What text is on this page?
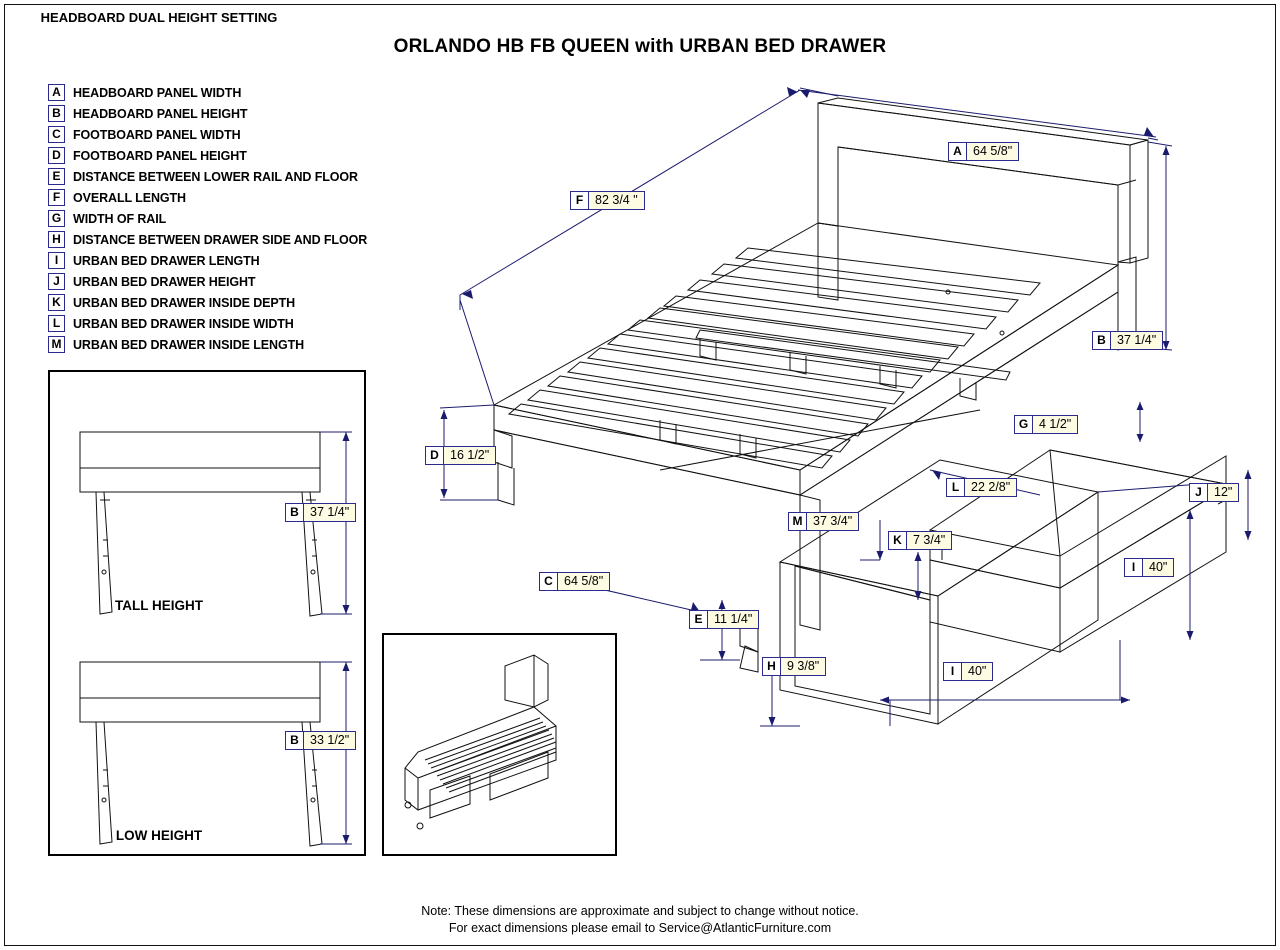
ORLANDO HB FB QUEEN with URBAN BED DRAWER
A HEADBOARD PANEL WIDTH
B HEADBOARD PANEL HEIGHT
C FOOTBOARD PANEL WIDTH
D FOOTBOARD PANEL HEIGHT
E	DISTANCE BETWEEN LOWER RAIL AND FLOOR
F	OVERALL LENGTH
G WIDTH OF RAIL
H DISTANCE BETWEEN DRAWER SIDE AND FLOOR
I	URBAN BED DRAWER LENGTH
J	URBAN BED DRAWER HEIGHT
K URBAN BED DRAWER INSIDE DEPTH
L	URBAN BED DRAWER INSIDE WIDTH
M URBAN BED DRAWER INSIDE LENGTH
HEADBOARD DUAL HEIGHT SETTING
TALL HEIGHT
LOW HEIGHT
A 64 5/8"
F 82 3/4 "
B 37 1/4"
G 4 1/2"
D 16 1/2"
L 22 2/8"	J 12"
M 37 3/4"
K 7 3/4"
C 64 5/8"
I	40"
E 11 1/4"
H 9 3/8"	I	40"
B 37 1/4"
B 33 1/2"
Note: These dimensions are approximate and subject to change without notice.
For exact dimensions please email to Service@AtlanticFurniture.com
